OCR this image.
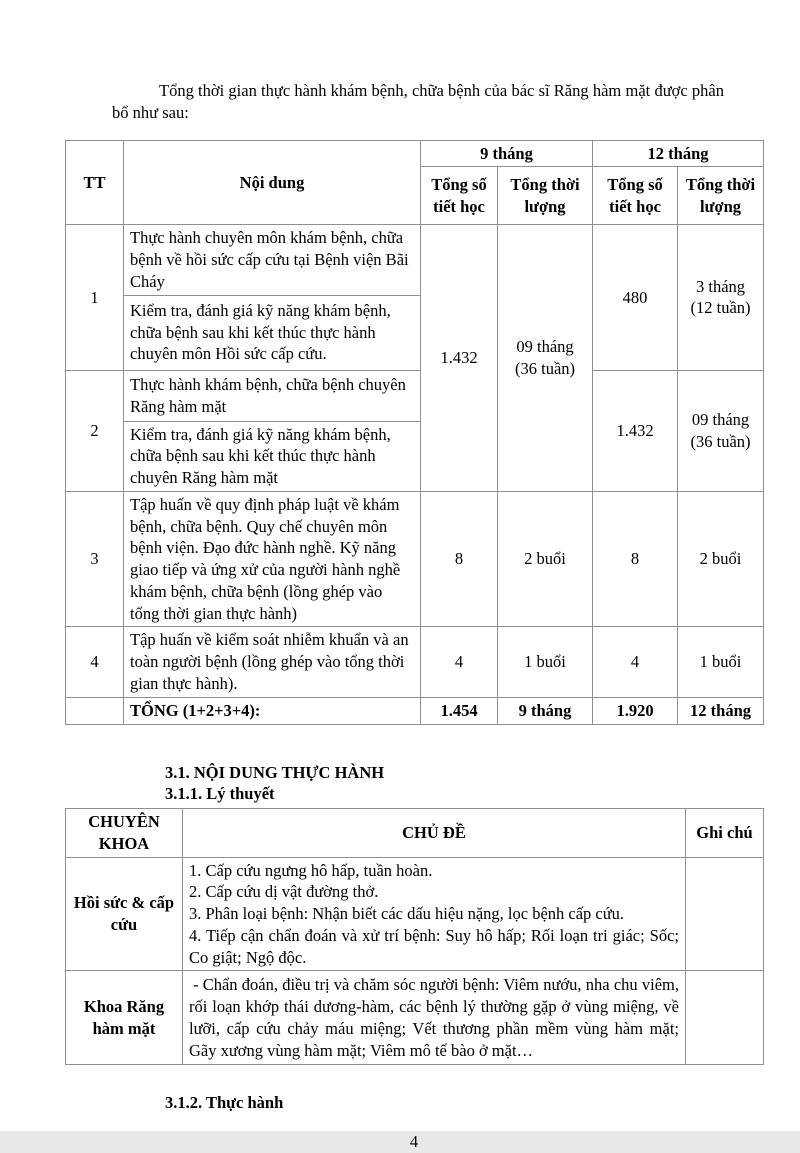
Tổng thời gian thực hành khám bệnh, chữa bệnh của bác sĩ Răng hàm mặt được phân bổ như sau:

TT	Nội dung	9 tháng		12 tháng	
		Tổng số tiết học	Tổng thời lượng	Tổng số tiết học	Tổng thời lượng
1	Thực hành chuyên môn khám bệnh, chữa bệnh về hồi sức cấp cứu tại Bệnh viện Bãi Cháy	1.432	09 tháng (36 tuần)	480	3 tháng (12 tuần)
	Kiểm tra, đánh giá kỹ năng khám bệnh, chữa bệnh sau khi kết thúc thực hành chuyên môn Hồi sức cấp cứu.				
2	Thực hành khám bệnh, chữa bệnh chuyên Răng hàm mặt			1.432	09 tháng (36 tuần)
	Kiểm tra, đánh giá kỹ năng khám bệnh, chữa bệnh sau khi kết thúc thực hành chuyên Răng hàm mặt				
3	Tập huấn về quy định pháp luật về khám bệnh, chữa bệnh. Quy chế chuyên môn bệnh viện. Đạo đức hành nghề. Kỹ năng giao tiếp và ứng xử của người hành nghề khám bệnh, chữa bệnh (lồng ghép vào tổng thời gian thực hành)	8	2 buổi	8	2 buổi
4	Tập huấn về kiểm soát nhiễm khuẩn và an toàn người bệnh (lồng ghép vào tổng thời gian thực hành).	4	1 buổi	4	1 buổi
	TỔNG (1+2+3+4):	1.454	9 tháng	1.920	12 tháng
3.1. NỘI DUNG THỰC HÀNH
3.1.1. Lý thuyết
CHUYÊN KHOA	CHỦ ĐỀ	Ghi chú
Hồi sức & cấp cứu	1. Cấp cứu ngưng hô hấp, tuần hoàn.
2. Cấp cứu dị vật đường thở.
3. Phân loại bệnh: Nhận biết các dấu hiệu nặng, lọc bệnh cấp cứu.
4. Tiếp cận chẩn đoán và xử trí bệnh: Suy hô hấp; Rối loạn tri giác; Sốc; Co giật; Ngộ độc.	

Khoa Răng hàm mặt	- Chẩn đoán, điều trị và chăm sóc người bệnh: Viêm nướu, nha chu viêm, rối loạn khớp thái dương-hàm, các bệnh lý thường gặp ở vùng miệng, về lưỡi, cấp cứu chảy máu miệng; Vết thương phần mềm vùng hàm mặt; Gãy xương vùng hàm mặt; Viêm mô tế bào ở mặt…	

3.1.2. Thực hành
4
